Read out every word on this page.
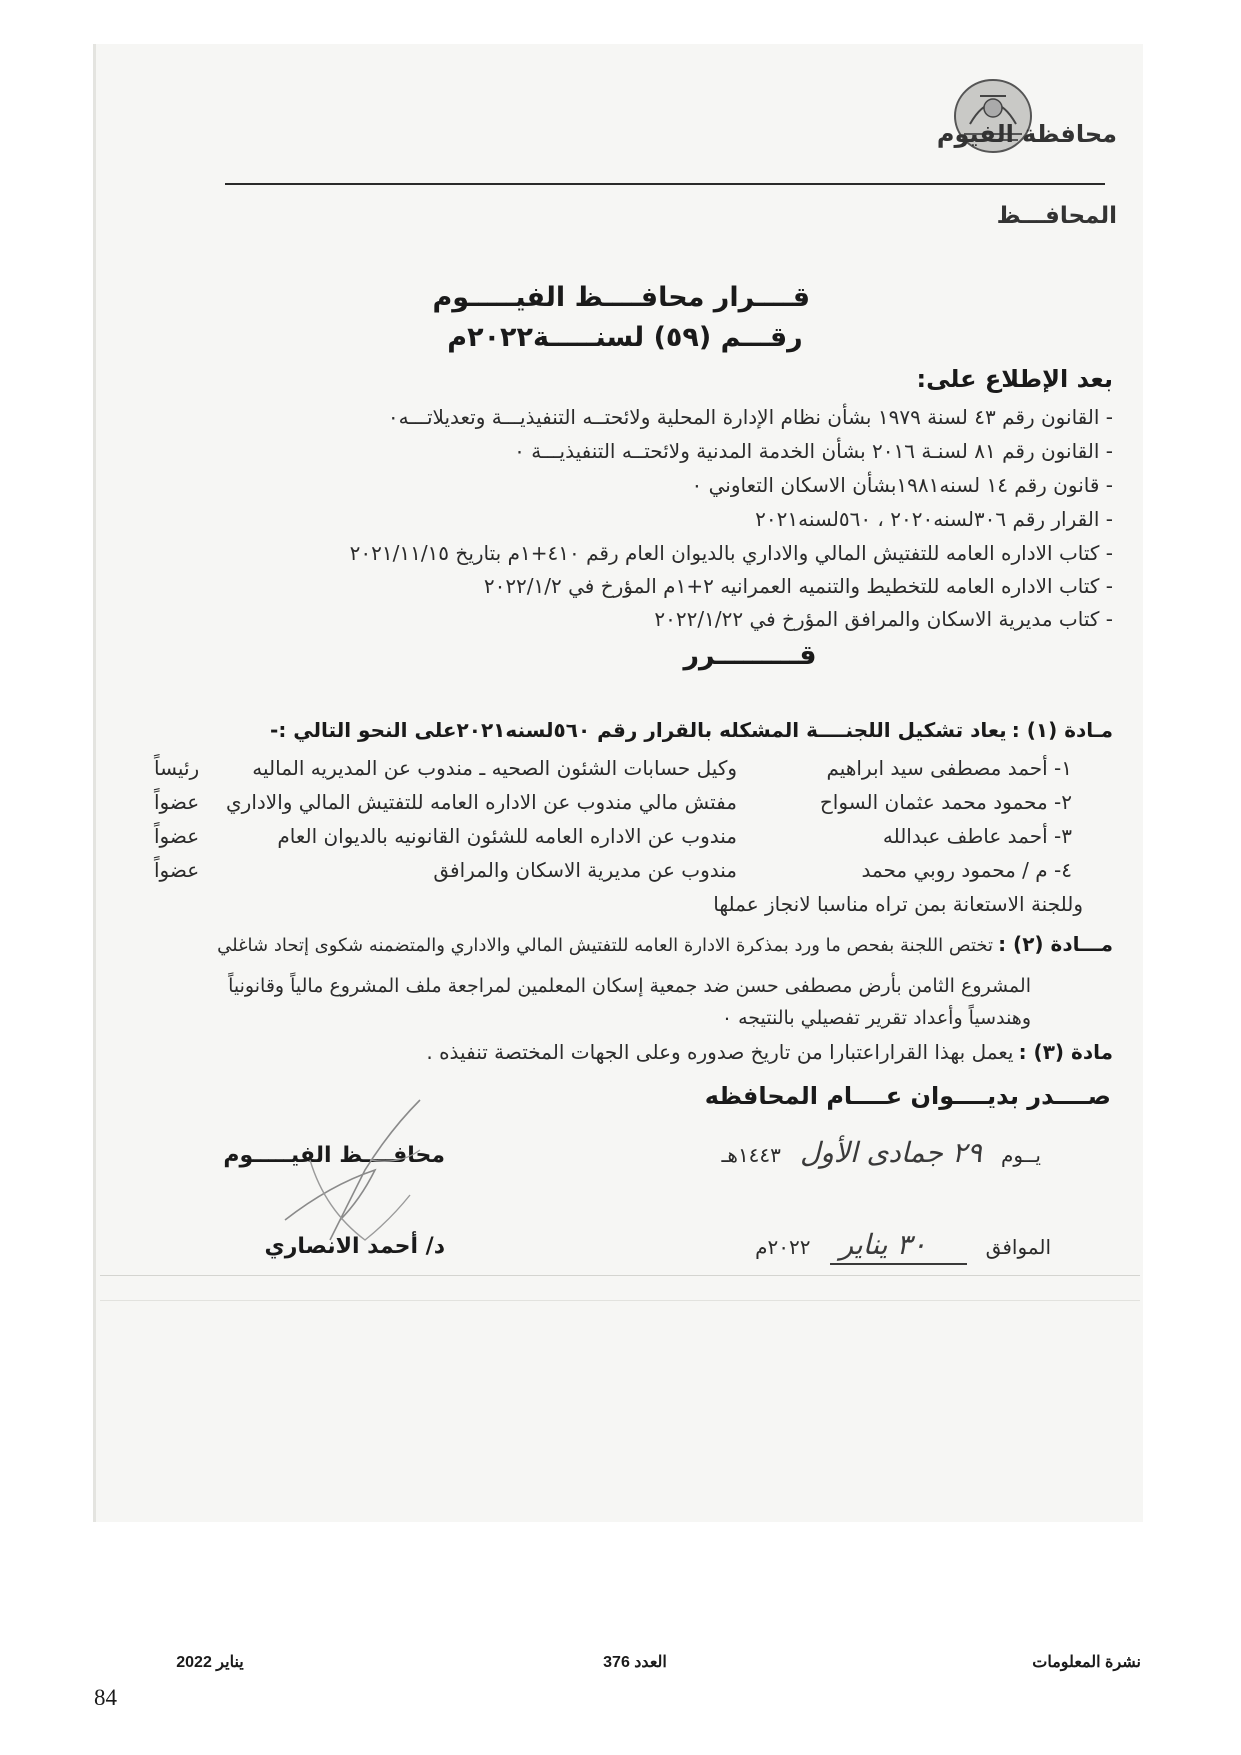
محافظة الفيوم
المحافـــظ
قــــرار محافــــظ الفيـــــوم
رقـــم (٥٩) لسنـــــة٢٠٢٢م
بعد الإطلاع على:
- القانون رقم ٤٣ لسنة ١٩٧٩ بشأن نظام الإدارة المحلية ولائحتــه التنفيذيـــة وتعديلاتـــه٠
- القانون رقم ٨١ لسنـة ٢٠١٦ بشأن الخدمة المدنية ولائحتــه التنفيذيـــة ٠
- قانون رقم ١٤ لسنه١٩٨١بشأن الاسكان التعاوني ٠
- القرار رقم ٣٠٦لسنه٢٠٢٠ ، ٥٦٠لسنه٢٠٢١
- كتاب الاداره العامه للتفتيش المالي والاداري بالديوان العام رقم ٤١٠+١م بتاريخ ٢٠٢١/١١/١٥
- كتاب الاداره العامه للتخطيط والتنميه العمرانيه ٢+١م المؤرخ في ٢٠٢٢/١/٢
- كتاب مديرية الاسكان والمرافق المؤرخ في ٢٠٢٢/١/٢٢
قـــــــــرر
مـادة (١) : يعاد تشكيل اللجنــــة المشكله بالقرار رقم ٥٦٠لسنه٢٠٢١على النحو التالي :-
١- أحمد مصطفى سيد ابراهيم
وكيل حسابات الشئون الصحيه ـ مندوب عن المديريه الماليه
رئيساً
٢- محمود محمد عثمان السواح
مفتش مالي مندوب عن الاداره العامه للتفتيش المالي والاداري
عضواً
٣- أحمد عاطف عبدالله
مندوب عن الاداره العامه للشئون القانونيه بالديوان العام
عضواً
٤- م / محمود روبي محمد
مندوب عن مديرية الاسكان والمرافق
عضواً
وللجنة الاستعانة بمن تراه مناسبا لانجاز عملها
مـــادة (٢) : تختص اللجنة بفحص ما ورد بمذكرة الادارة العامه للتفتيش المالي والاداري والمتضمنه شكوى إتحاد شاغلي
المشروع الثامن بأرض مصطفى حسن ضد جمعية إسكان المعلمين لمراجعة ملف المشروع مالياً وقانونياً
وهندسياً وأعداد تقرير تفصيلي بالنتيجه ٠
مادة (٣) : يعمل بهذا القراراعتبارا من تاريخ صدوره وعلى الجهات المختصة تنفيذه .
صــــدر بديــــوان عــــام المحافظه
يــوم ٢٩ جمادى الأول ١٤٤٣هـ
الموافق ٣٠ يناير ٢٠٢٢م
محافــــظ الفيـــــوم
د/ أحمد الانصاري
نشرة المعلومات
العدد 376
يناير 2022
84
